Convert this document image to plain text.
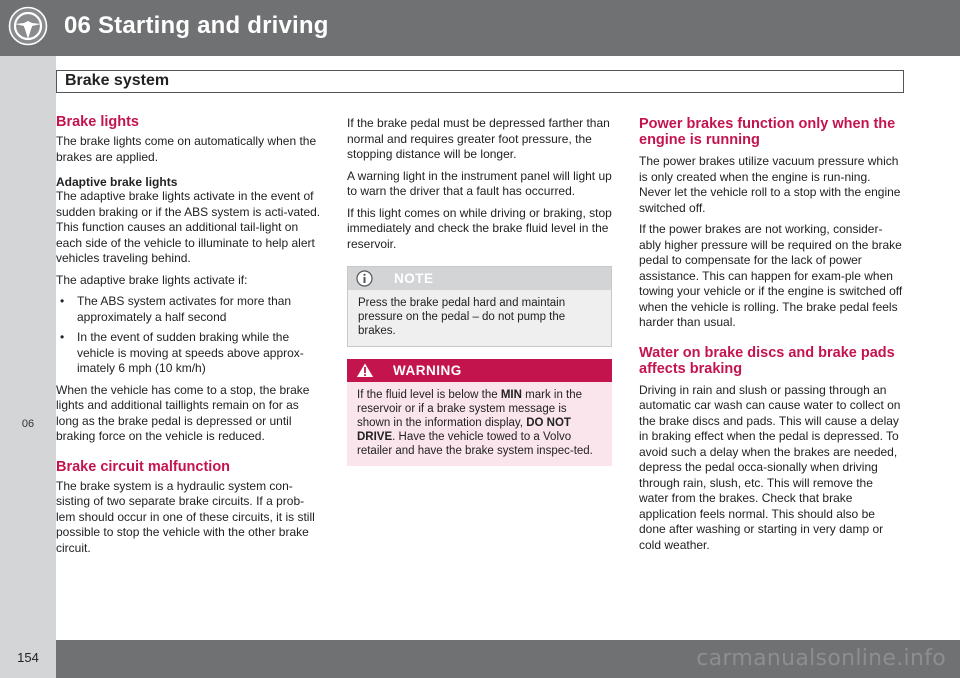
06 Starting and driving
06
Brake system
Brake lights

The brake lights come on automatically when the brakes are applied.

Adaptive brake lights

The adaptive brake lights activate in the event of sudden braking or if the ABS system is acti-vated. This function causes an additional tail-light on each side of the vehicle to illuminate to help alert vehicles traveling behind.

The adaptive brake lights activate if:

• The ABS system activates for more than approximately a half second
• In the event of sudden braking while the vehicle is moving at speeds above approx-imately 6 mph (10 km/h)

When the vehicle has come to a stop, the brake lights and additional taillights remain on for as long as the brake pedal is depressed or until braking force on the vehicle is reduced.

Brake circuit malfunction

The brake system is a hydraulic system con-sisting of two separate brake circuits. If a prob-lem should occur in one of these circuits, it is still possible to stop the vehicle with the other brake circuit.

If the brake pedal must be depressed farther than normal and requires greater foot pressure, the stopping distance will be longer.

A warning light in the instrument panel will light up to warn the driver that a fault has occurred.

If this light comes on while driving or braking, stop immediately and check the brake fluid level in the reservoir.

NOTE
Press the brake pedal hard and maintain pressure on the pedal – do not pump the brakes.
WARNING
If the fluid level is below the MIN mark in the reservoir or if a brake system message is shown in the information display, DO NOT DRIVE. Have the vehicle towed to a Volvo retailer and have the brake system inspec-ted.
Power brakes function only when the engine is running

The power brakes utilize vacuum pressure which is only created when the engine is run-ning. Never let the vehicle roll to a stop with the engine switched off.

If the power brakes are not working, consider-ably higher pressure will be required on the brake pedal to compensate for the lack of power assistance. This can happen for exam-ple when towing your vehicle or if the engine is switched off when the vehicle is rolling. The brake pedal feels harder than usual.

Water on brake discs and brake pads affects braking

Driving in rain and slush or passing through an automatic car wash can cause water to collect on the brake discs and pads. This will cause a delay in braking effect when the pedal is depressed. To avoid such a delay when the brakes are needed, depress the pedal occa-sionally when driving through rain, slush, etc. This will remove the water from the brakes. Check that brake application feels normal. This should also be done after washing or starting in very damp or cold weather.

154	carmanualsonline.info
